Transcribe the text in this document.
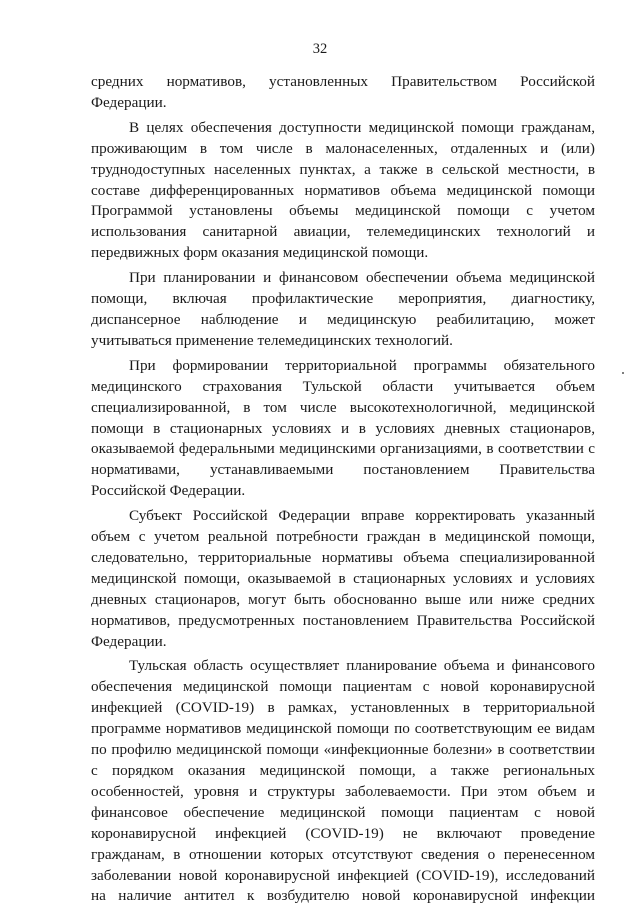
32

средних нормативов, установленных Правительством Российской Федерации.

В целях обеспечения доступности медицинской помощи гражданам, проживающим в том числе в малонаселенных, отдаленных и (или) труднодоступных населенных пунктах, а также в сельской местности, в составе дифференцированных нормативов объема медицинской помощи Программой установлены объемы медицинской помощи с учетом использования санитарной авиации, телемедицинских технологий и передвижных форм оказания медицинской помощи.

При планировании и финансовом обеспечении объема медицинской помощи, включая профилактические мероприятия, диагностику, диспансерное наблюдение и медицинскую реабилитацию, может учитываться применение телемедицинских технологий.

При формировании территориальной программы обязательного медицинского страхования Тульской области учитывается объем специализированной, в том числе высокотехнологичной, медицинской помощи в стационарных условиях и в условиях дневных стационаров, оказываемой федеральными медицинскими организациями, в соответствии с нормативами, устанавливаемыми постановлением Правительства Российской Федерации.

Субъект Российской Федерации вправе корректировать указанный объем с учетом реальной потребности граждан в медицинской помощи, следовательно, территориальные нормативы объема специализированной медицинской помощи, оказываемой в стационарных условиях и условиях дневных стационаров, могут быть обоснованно выше или ниже средних нормативов, предусмотренных постановлением Правительства Российской Федерации.

Тульская область осуществляет планирование объема и финансового обеспечения медицинской помощи пациентам с новой коронавирусной инфекцией (COVID-19) в рамках, установленных в территориальной программе нормативов медицинской помощи по соответствующим ее видам по профилю медицинской помощи «инфекционные болезни» в соответствии с порядком оказания медицинской помощи, а также региональных особенностей, уровня и структуры заболеваемости. При этом объем и финансовое обеспечение медицинской помощи пациентам с новой коронавирусной инфекцией (COVID-19) не включают проведение гражданам, в отношении которых отсутствуют сведения о перенесенном заболевании новой коронавирусной инфекцией (COVID-19), исследований на наличие антител к возбудителю новой коронавирусной инфекции
